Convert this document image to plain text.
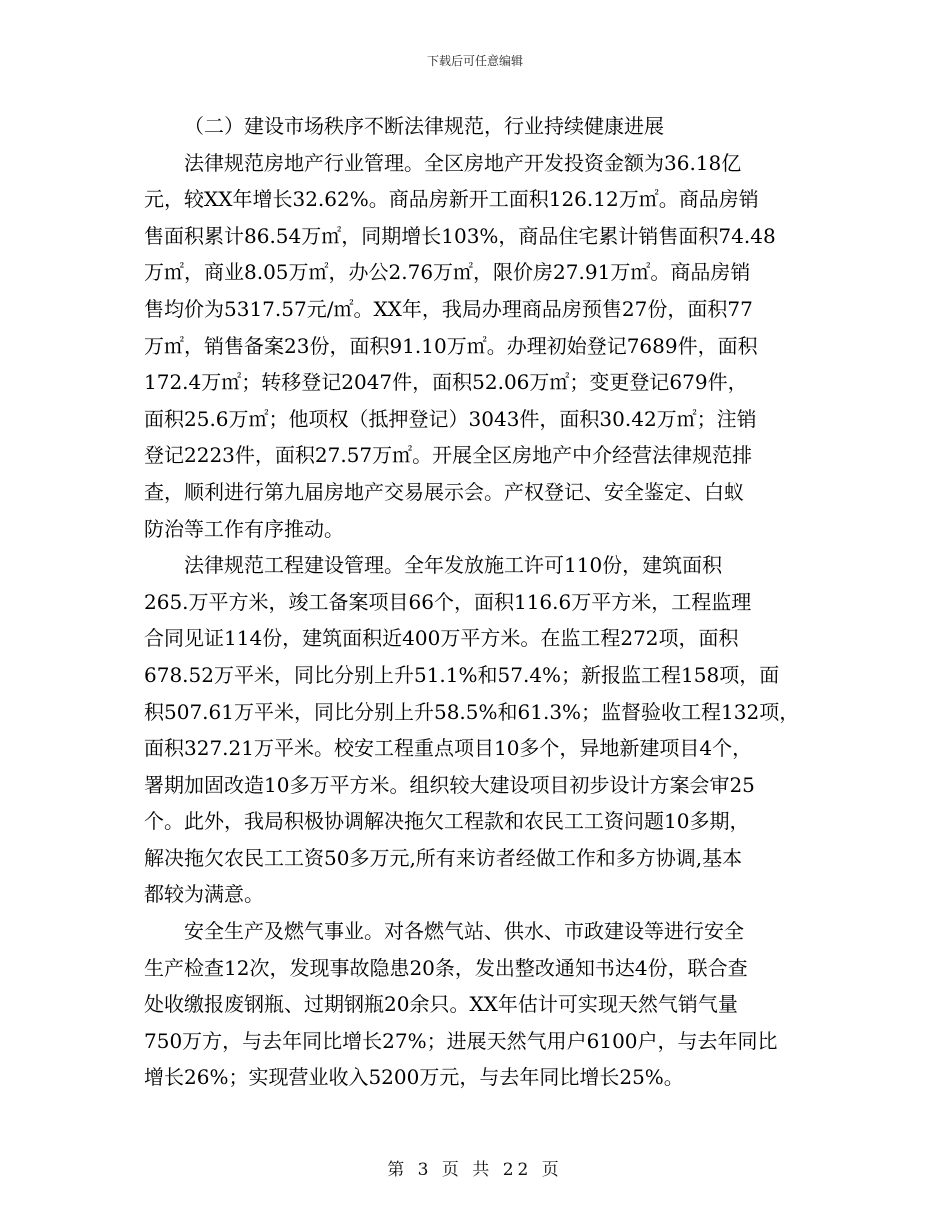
下载后可任意编辑

（二）建设市场秩序不断法律规范，行业持续健康进展

法律规范房地产行业管理。全区房地产开发投资金额为36.18亿
元，较XX年增长32.62%。商品房新开工面积126.12万㎡。商品房销
售面积累计86.54万㎡，同期增长103%，商品住宅累计销售面积74.48
万㎡，商业8.05万㎡，办公2.76万㎡，限价房27.91万㎡。商品房销
售均价为5317.57元/㎡。XX年，我局办理商品房预售27份，面积77
万㎡，销售备案23份，面积91.10万㎡。办理初始登记7689件，面积
172.4万㎡；转移登记2047件，面积52.06万㎡；变更登记679件，
面积25.6万㎡；他项权（抵押登记）3043件，面积30.42万㎡；注销
登记2223件，面积27.57万㎡。开展全区房地产中介经营法律规范排
查，顺利进行第九届房地产交易展示会。产权登记、安全鉴定、白蚁
防治等工作有序推动。

法律规范工程建设管理。全年发放施工许可110份，建筑面积
265.万平方米，竣工备案项目66个，面积116.6万平方米，工程监理
合同见证114份，建筑面积近400万平方米。在监工程272项，面积
678.52万平米，同比分别上升51.1%和57.4%；新报监工程158项，面
积507.61万平米，同比分别上升58.5%和61.3%；监督验收工程132项，
面积327.21万平米。校安工程重点项目10多个，异地新建项目4个，
署期加固改造10多万平方米。组织较大建设项目初步设计方案会审25
个。此外，我局积极协调解决拖欠工程款和农民工工资问题10多期，
解决拖欠农民工工资50多万元,所有来访者经做工作和多方协调,基本
都较为满意。

安全生产及燃气事业。对各燃气站、供水、市政建设等进行安全
生产检查12次，发现事故隐患20条，发出整改通知书达4份，联合查
处收缴报废钢瓶、过期钢瓶20余只。XX年估计可实现天然气销气量
750万方，与去年同比增长27%；进展天然气用户6100户，与去年同比
增长26%；实现营业收入5200万元，与去年同比增长25%。

第 3 页 共 22 页
